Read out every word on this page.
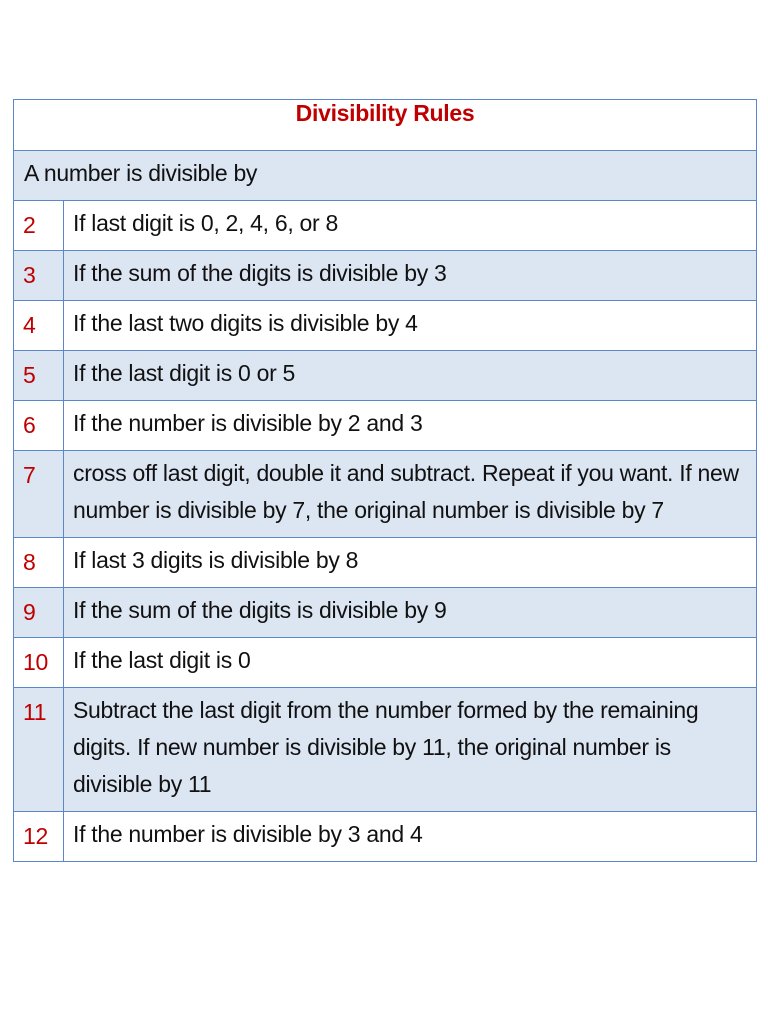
Divisibility Rules	
A number is divisible by	
2	If last digit is 0, 2, 4, 6, or 8

3	If the sum of the digits is divisible by 3

4	If the last two digits is divisible by 4

5	If the last digit is 0 or 5

6	If the number is divisible by 2 and 3

7	cross off last digit, double it and subtract. Repeat if you want. If new number is divisible by 7, the original number is divisible by 7

8	If last 3 digits is divisible by 8

9	If the sum of the digits is divisible by 9

10	If the last digit is 0

11	Subtract the last digit from the number formed by the remaining digits. If new number is divisible by 11, the original number is divisible by 11

12	If the number is divisible by 3 and 4
